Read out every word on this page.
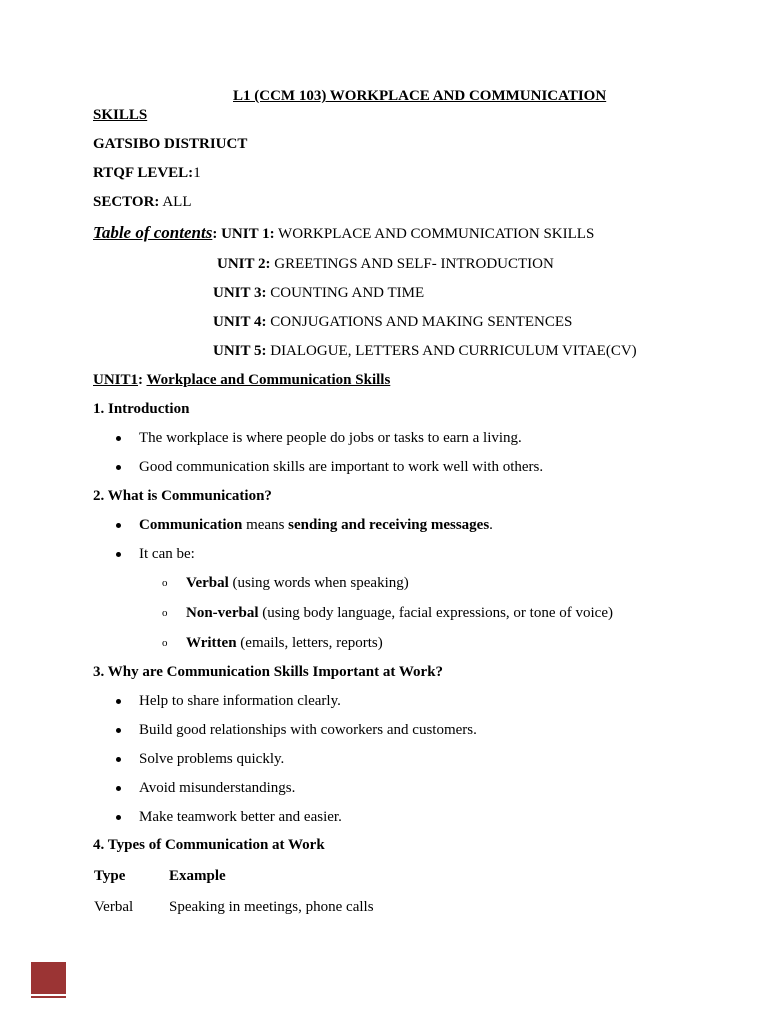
L1 (CCM 103) WORKPLACE AND COMMUNICATION
SKILLS
GATSIBO DISTRIUCT
RTQF LEVEL:1
SECTOR: ALL
Table of contents: UNIT 1: WORKPLACE AND COMMUNICATION SKILLS
UNIT 2: GREETINGS AND SELF- INTRODUCTION
UNIT 3: COUNTING AND TIME
UNIT 4: CONJUGATIONS AND MAKING SENTENCES
UNIT 5: DIALOGUE, LETTERS AND CURRICULUM VITAE(CV)
UNIT1: Workplace and Communication Skills
1. Introduction
The workplace is where people do jobs or tasks to earn a living.
Good communication skills are important to work well with others.
2. What is Communication?
Communication means sending and receiving messages.
It can be:
o Verbal (using words when speaking)
o Non-verbal (using body language, facial expressions, or tone of voice)
o Written (emails, letters, reports)
3. Why are Communication Skills Important at Work?
Help to share information clearly.
Build good relationships with coworkers and customers.
Solve problems quickly.
Avoid misunderstandings.
Make teamwork better and easier.
4. Types of Communication at Work
Type	Example
Verbal Speaking in meetings, phone calls
